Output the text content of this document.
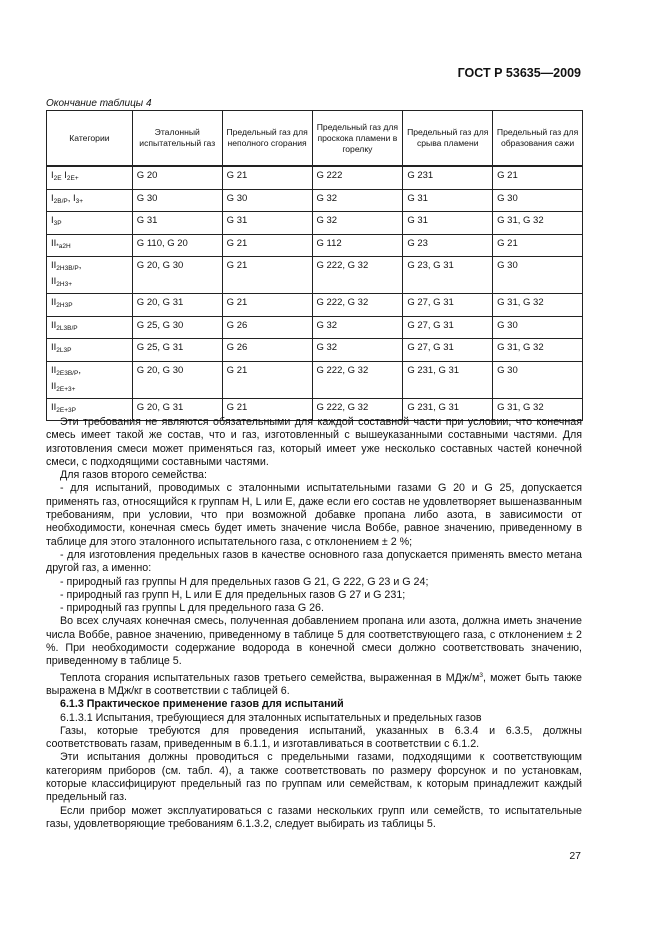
ГОСТ Р 53635—2009
Окончание таблицы 4
Категории	Эталонный испытательный газ	Предельный газ для неполного сгорания	Предельный газ для проскока пламени в горелку	Предельный газ для срыва пламени	Предельный газ для образования сажи
$I_{2E}$ $I_{2E+}$	G 20	G 21	G 222	G 231	G 21
$I_{2B/P}$, $I_{3+}$	G 30	G 30	G 32	G 31	G 30
$I_{3P}$	G 31	G 31	G 32	G 31	G 31, G 32
$II_{*a2H}$	G 110, G 20	G 21	G 112	G 23	G 21
$II_{2H3B/P}$,
$II_{2H3+}$	G 20, G 30	G 21	G 222, G 32	G 23, G 31	G 30
$II_{2H3P}$	G 20, G 31	G 21	G 222, G 32	G 27, G 31	G 31, G 32
$II_{2L3B/P}$	G 25, G 30	G 26	G 32	G 27, G 31	G 30
$II_{2L3P}$	G 25, G 31	G 26	G 32	G 27, G 31	G 31, G 32
$II_{2E3B/P}$,
$II_{2E+3+}$	G 20, G 30	G 21	G 222, G 32	G 231, G 31	G 30
$II_{2E+3P}$	G 20, G 31	G 21	G 222, G 32	G 231, G 31	G 31, G 32

Эти требования не являются обязательными для каждой составной части при условии, что конечная смесь имеет такой же состав, что и газ, изготовленный с вышеуказанными составными частями. Для изготовления смеси может применяться газ, который имеет уже несколько составных частей конечной смеси, с подходящими составными частями.

Для газов второго семейства:

- для испытаний, проводимых с эталонными испытательными газами G 20 и G 25, допускается применять газ, относящийся к группам H, L или E, даже если его состав не удовлетворяет вышеназванным требованиям, при условии, что при возможной добавке пропана либо азота, в зависимости от необходимости, конечная смесь будет иметь значение числа Воббе, равное значению, приведенному в таблице для этого эталонного испытательного газа, с отклонением ± 2 %;

- для изготовления предельных газов в качестве основного газа допускается применять вместо метана другой газ, а именно:

- природный газ группы H для предельных газов G 21, G 222, G 23 и G 24;

- природный газ групп H, L или E для предельных газов G 27 и G 231;

- природный газ группы L для предельного газа G 26.

Во всех случаях конечная смесь, полученная добавлением пропана или азота, должна иметь значение числа Воббе, равное значению, приведенному в таблице 5 для соответствующего газа, с отклонением ± 2 %. При необходимости содержание водорода в конечной смеси должно соответствовать значению, приведенному в таблице 5.

Теплота сгорания испытательных газов третьего семейства, выраженная в МДж/$м^3$, может быть также выражена в МДж/кг в соответствии с таблицей 6.

6.1.3 Практическое применение газов для испытаний

6.1.3.1 Испытания, требующиеся для эталонных испытательных и предельных газов

Газы, которые требуются для проведения испытаний, указанных в 6.3.4 и 6.3.5, должны соответствовать газам, приведенным в 6.1.1, и изготавливаться в соответствии с 6.1.2.

Эти испытания должны проводиться с предельными газами, подходящими к соответствующим категориям приборов (см. табл. 4), а также соответствовать по размеру форсунок и по установкам, которые классифицируют предельный газ по группам или семействам, к которым принадлежит каждый предельный газ.

Если прибор может эксплуатироваться с газами нескольких групп или семейств, то испытательные газы, удовлетворяющие требованиям 6.1.3.2, следует выбирать из таблицы 5.

27
